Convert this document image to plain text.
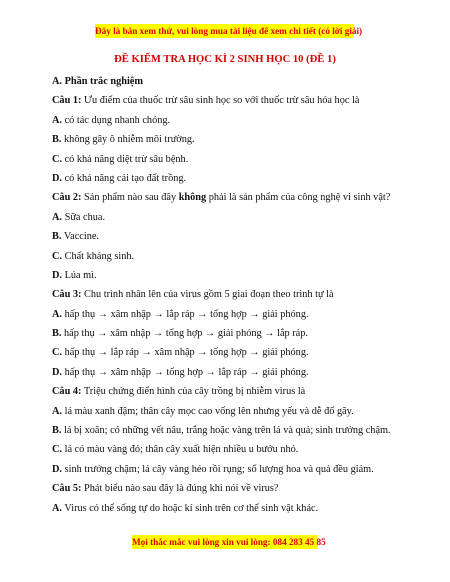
Đây là bản xem thử, vui lòng mua tài liệu để xem chi tiết (có lời giải)
ĐỀ KIỂM TRA HỌC KÌ 2 SINH HỌC 10 (ĐỀ 1)
A. Phần trắc nghiệm
Câu 1: Ưu điểm của thuốc trừ sâu sinh học so với thuốc trừ sâu hóa học là
A. có tác dụng nhanh chóng.
B. không gây ô nhiễm môi trường.
C. có khả năng diệt trừ sâu bệnh.
D. có khả năng cải tạo đất trồng.
Câu 2: Sản phẩm nào sau đây không phải là sản phẩm của công nghệ vi sinh vật?
A. Sữa chua.
B. Vaccine.
C. Chất kháng sinh.
D. Lúa mì.
Câu 3: Chu trình nhân lên của virus gồm 5 giai đoạn theo trình tự là
A. hấp thụ → xâm nhập → lắp ráp → tổng hợp → giải phóng.
B. hấp thụ → xâm nhập → tổng hợp → giải phóng → lắp ráp.
C. hấp thụ → lắp ráp → xâm nhập → tổng hợp → giải phóng.
D. hấp thụ → xâm nhập → tổng hợp → lắp ráp → giải phóng.
Câu 4: Triệu chứng điển hình của cây trồng bị nhiễm virus là
A. lá màu xanh đậm; thân cây mọc cao vống lên nhưng yếu và dễ đổ gãy.
B. lá bị xoăn; có những vết nâu, trắng hoặc vàng trên lá và quả; sinh trưởng chậm.
C. lá có màu vàng đỏ; thân cây xuất hiện nhiều u bướu nhỏ.
D. sinh trưởng chậm; lá cây vàng héo rồi rụng; số lượng hoa và quả đều giảm.
Câu 5: Phát biểu nào sau đây là đúng khi nói về virus?
A. Virus có thể sống tự do hoặc kí sinh trên cơ thể sinh vật khác.
Mọi thắc mắc vui lòng xin vui lòng: 084 283 45 85
